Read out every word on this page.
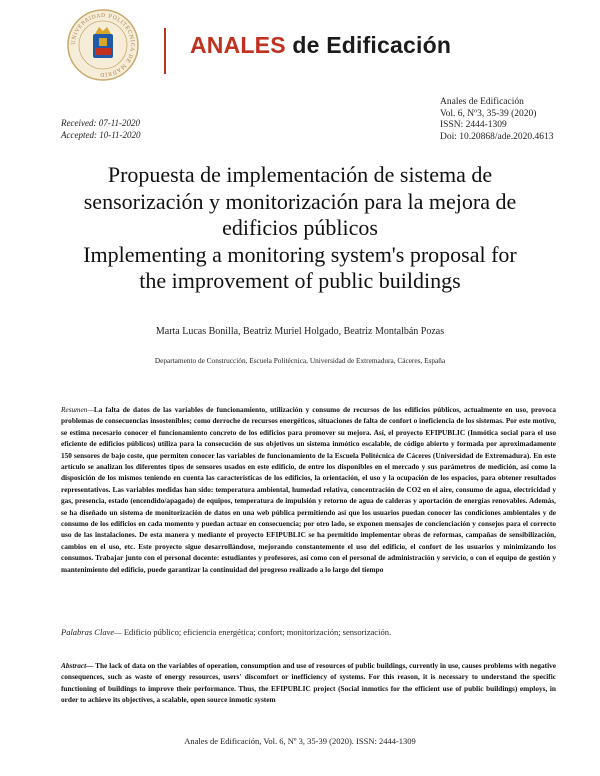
UNIVERSIDAD POLITÉCNICA DE MADRID
ANALES de Edificación
Received: 07-11-2020
Accepted: 10-11-2020
Anales de Edificación
Vol. 6, Nº3, 35-39 (2020)
ISSN: 2444-1309
Doi: 10.20868/ade.2020.4613
Propuesta de implementación de sistema de
sensorización y monitorización para la mejora de
edificios públicos
Implementing a monitoring system's proposal for
the improvement of public buildings
Marta Lucas Bonilla, Beatriz Muriel Holgado, Beatriz Montalbán Pozas
Departamento de Construcción, Escuela Politécnica, Universidad de Extremadura, Cáceres, España

Resumen—La falta de datos de las variables de funcionamiento, utilización y consumo de recursos de los edificios públicos, actualmente en uso, provoca problemas de consecuencias insostenibles; como derroche de recursos energéticos, situaciones de falta de confort o ineficiencia de los sistemas. Por este motivo, se estima necesario conocer el funcionamiento concreto de los edificios para promover su mejora. Así, el proyecto EFIPUBLIC (Inmótica social para el uso eficiente de edificios públicos) utiliza para la consecución de sus objetivos un sistema inmótico escalable, de código abierto y formada por aproximadamente 150 sensores de bajo coste, que permiten conocer las variables de funcionamiento de la Escuela Politécnica de Cáceres (Universidad de Extremadura). En este artículo se analizan los diferentes tipos de sensores usados en este edificio, de entre los disponibles en el mercado y sus parámetros de medición, así como la disposición de los mismos teniendo en cuenta las características de los edificios, la orientación, el uso y la ocupación de los espacios, para obtener resultados representativos. Las variables medidas han sido: temperatura ambiental, humedad relativa, concentración de CO2 en el aire, consumo de agua, electricidad y gas, presencia, estado (encendido/apagado) de equipos, temperatura de impulsión y retorno de agua de calderas y aportación de energías renovables. Además, se ha diseñado un sistema de monitorización de datos en una web pública permitiendo así que los usuarios puedan conocer las condiciones ambientales y de consumo de los edificios en cada momento y puedan actuar en consecuencia; por otro lado, se exponen mensajes de concienciación y consejos para el correcto uso de las instalaciones. De esta manera y mediante el proyecto EFIPUBLIC se ha permitido implementar obras de reformas, campañas de sensibilización, cambios en el uso, etc. Este proyecto sigue desarrollándose, mejorando constantemente el uso del edificio, el confort de los usuarios y minimizando los consumos. Trabajar junto con el personal docente: estudiantes y profesores, así como con el personal de administración y servicio, o con el equipo de gestión y mantenimiento del edificio, puede garantizar la continuidad del progreso realizado a lo largo del tiempo

Palabras Clave— Edificio público; eficiencia energética; confort; monitorización; sensorización.

Abstract— The lack of data on the variables of operation, consumption and use of resources of public buildings, currently in use, causes problems with negative consequences, such as waste of energy resources, users' discomfort or inefficiency of systems. For this reason, it is necessary to understand the specific functioning of buildings to improve their performance. Thus, the EFIPUBLIC project (Social inmotics for the efficient use of public buildings) employs, in order to achieve its objectives, a scalable, open source inmotic system

Anales de Edificación, Vol. 6, Nº 3, 35-39 (2020). ISSN: 2444-1309
